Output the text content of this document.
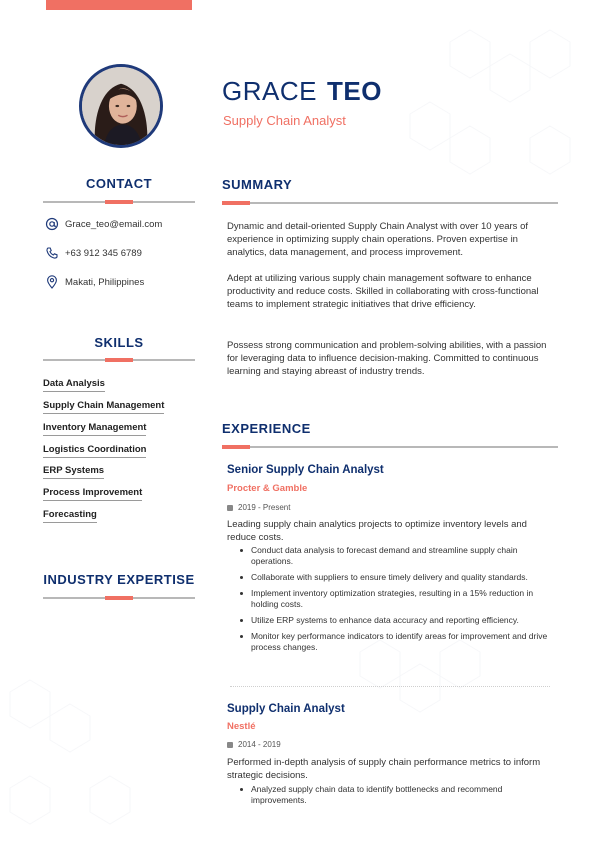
GRACE TEO
Supply Chain Analyst
CONTACT
Grace_teo@email.com
+63 912 345 6789
Makati, Philippines
SKILLS
Data Analysis
Supply Chain Management
Inventory Management
Logistics Coordination
ERP Systems
Process Improvement
Forecasting
INDUSTRY EXPERTISE
SUMMARY
Dynamic and detail-oriented Supply Chain Analyst with over 10 years of experience in optimizing supply chain operations. Proven expertise in analytics, data management, and process improvement.
Adept at utilizing various supply chain management software to enhance productivity and reduce costs. Skilled in collaborating with cross-functional teams to implement strategic initiatives that drive efficiency.
Possess strong communication and problem-solving abilities, with a passion for leveraging data to influence decision-making. Committed to continuous learning and staying abreast of industry trends.
EXPERIENCE
Senior Supply Chain Analyst
Procter & Gamble
2019 - Present
Leading supply chain analytics projects to optimize inventory levels and reduce costs.
Conduct data analysis to forecast demand and streamline supply chain operations.
Collaborate with suppliers to ensure timely delivery and quality standards.
Implement inventory optimization strategies, resulting in a 15% reduction in holding costs.
Utilize ERP systems to enhance data accuracy and reporting efficiency.
Monitor key performance indicators to identify areas for improvement and drive process changes.
Supply Chain Analyst
Nestlé
2014 - 2019
Performed in-depth analysis of supply chain performance metrics to inform strategic decisions.
Analyzed supply chain data to identify bottlenecks and recommend improvements.
